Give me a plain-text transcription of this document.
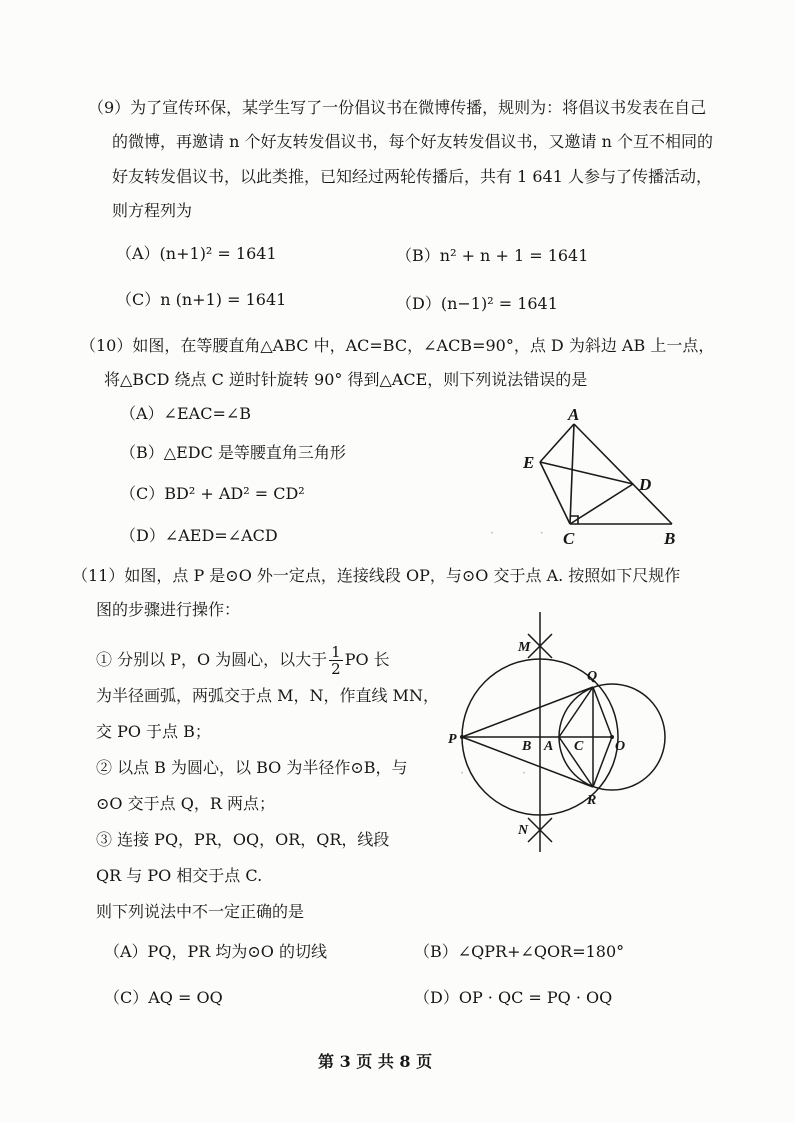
（9）为了宣传环保，某学生写了一份倡议书在微博传播，规则为：将倡议书发表在自己
的微博，再邀请 n 个好友转发倡议书，每个好友转发倡议书，又邀请 n 个互不相同的
好友转发倡议书，以此类推，已知经过两轮传播后，共有 1 641 人参与了传播活动，
则方程列为
（A）(n+1)² = 1641	（B）n² + n + 1 = 1641
（C）n (n+1) = 1641	（D）(n−1)² = 1641
（10）如图，在等腰直角△ABC 中，AC=BC，∠ACB=90°，点 D 为斜边 AB 上一点，
将△BCD 绕点 C 逆时针旋转 90° 得到△ACE，则下列说法错误的是
（A）∠EAC=∠B
（B）△EDC 是等腰直角三角形
（C）BD² + AD² = CD²
（D）∠AED=∠ACD
A
E
D
C	B
（11）如图，点 P 是⊙O 外一定点，连接线段 OP，与⊙O 交于点 A. 按照如下尺规作
图的步骤进行操作：
① 分别以 P，O 为圆心，以大于 $\frac{1}{2}$ PO 长
为半径画弧，两弧交于点 M，N，作直线 MN，
交 PO 于点 B；
② 以点 B 为圆心，以 BO 为半径作⊙B，与
⊙O 交于点 Q，R 两点；
③ 连接 PQ，PR，OQ，OR，QR，线段
QR 与 PO 相交于点 C.
则下列说法中不一定正确的是
（A）PQ，PR 均为⊙O 的切线	（B）∠QPR+∠QOR=180°
（C）AQ = OQ	（D）OP · QC = PQ · OQ
M
N
Q
R
P	B A C O
·           ·
·              ·
第 3 页 共 8 页
